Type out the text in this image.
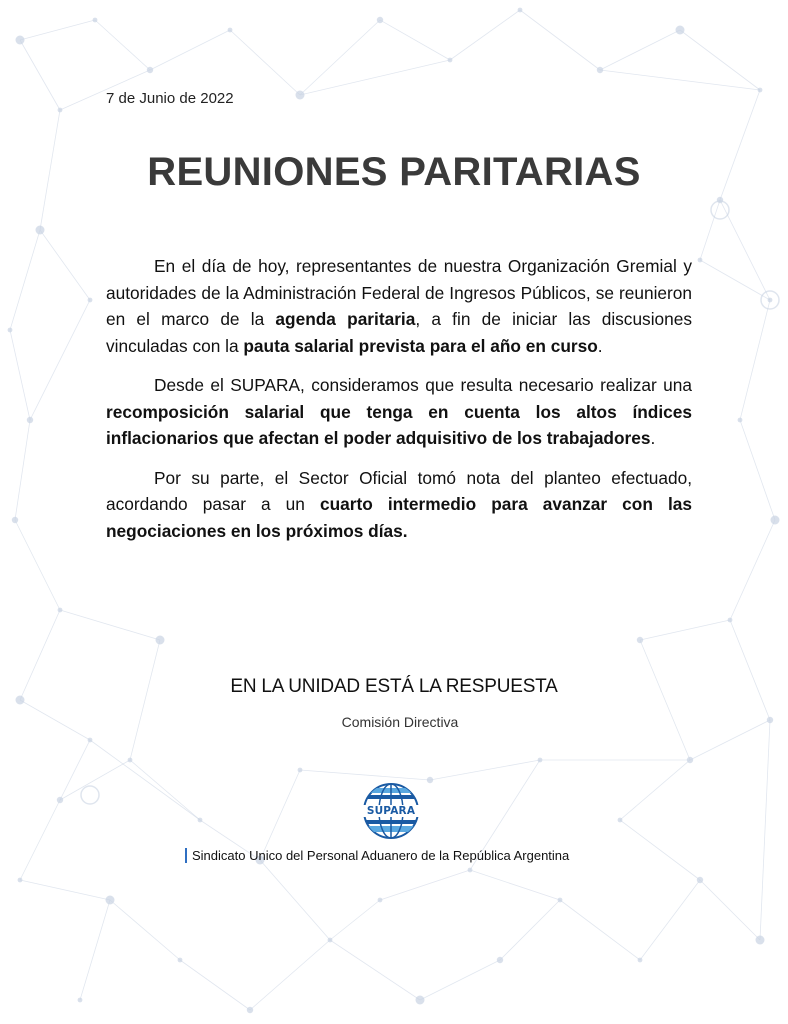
7 de Junio de 2022
REUNIONES PARITARIAS

En el día de hoy, representantes de nuestra Organización Gremial y autoridades de la Administración Federal de Ingresos Públicos, se reunieron en el marco de la agenda paritaria, a fin de iniciar las discusiones vinculadas con la pauta salarial prevista para el año en curso.

Desde el SUPARA, consideramos que resulta necesario realizar una recomposición salarial que tenga en cuenta los altos índices inflacionarios que afectan el poder adquisitivo de los trabajadores.

Por su parte, el Sector Oficial tomó nota del planteo efectuado, acordando pasar a un cuarto intermedio para avanzar con las negociaciones en los próximos días.

EN LA UNIDAD ESTÁ LA RESPUESTA
Comisión Directiva
SUPARA
Sindicato Unico del Personal Aduanero de la República Argentina
